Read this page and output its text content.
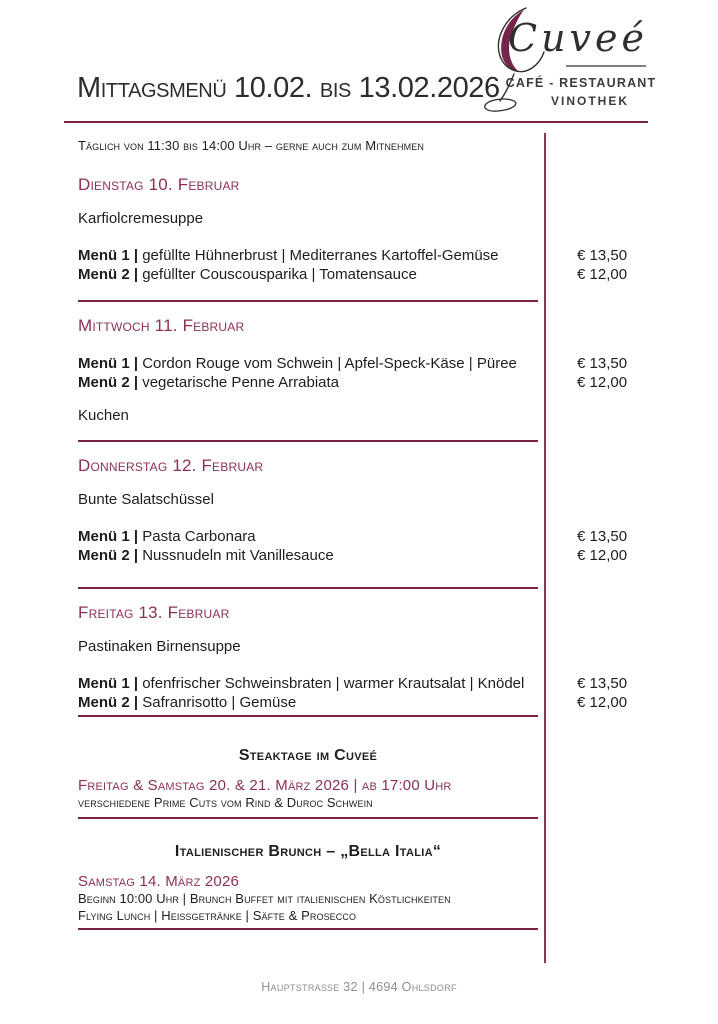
Mittagsmenü 10.02. bis 13.02.2026
Cuveé
CAFÉ - RESTAURANT
VINOTHEK
Täglich von 11:30 bis 14:00 Uhr – gerne auch zum Mitnehmen
Dienstag 10. Februar
Karfiolcremesuppe
Menü 1 | gefüllte Hühnerbrust | Mediterranes Kartoffel-Gemüse	€ 13,50
Menü 2 | gefüllter Couscousparika | Tomatensauce	€ 12,00
Mittwoch 11. Februar
Menü 1 | Cordon Rouge vom Schwein | Apfel-Speck-Käse | Püree	€ 13,50
Menü 2 | vegetarische Penne Arrabiata	€ 12,00
Kuchen
Donnerstag 12. Februar
Bunte Salatschüssel
Menü 1 | Pasta Carbonara	€ 13,50
Menü 2 | Nussnudeln mit Vanillesauce	€ 12,00
Freitag 13. Februar
Pastinaken Birnensuppe
Menü 1 | ofenfrischer Schweinsbraten | warmer Krautsalat | Knödel	€ 13,50
Menü 2 | Safranrisotto | Gemüse	€ 12,00
Steaktage im Cuveé
Freitag & Samstag 20. & 21. März 2026 | ab 17:00 Uhr
verschiedene Prime Cuts vom Rind & Duroc Schwein
Italienischer Brunch – „Bella Italia“
Samstag 14. März 2026
Beginn 10:00 Uhr | Brunch Buffet mit italienischen Köstlichkeiten
Flying Lunch | Heißgetränke | Säfte & Prosecco
Hauptstraße 32 | 4694 Ohlsdorf
